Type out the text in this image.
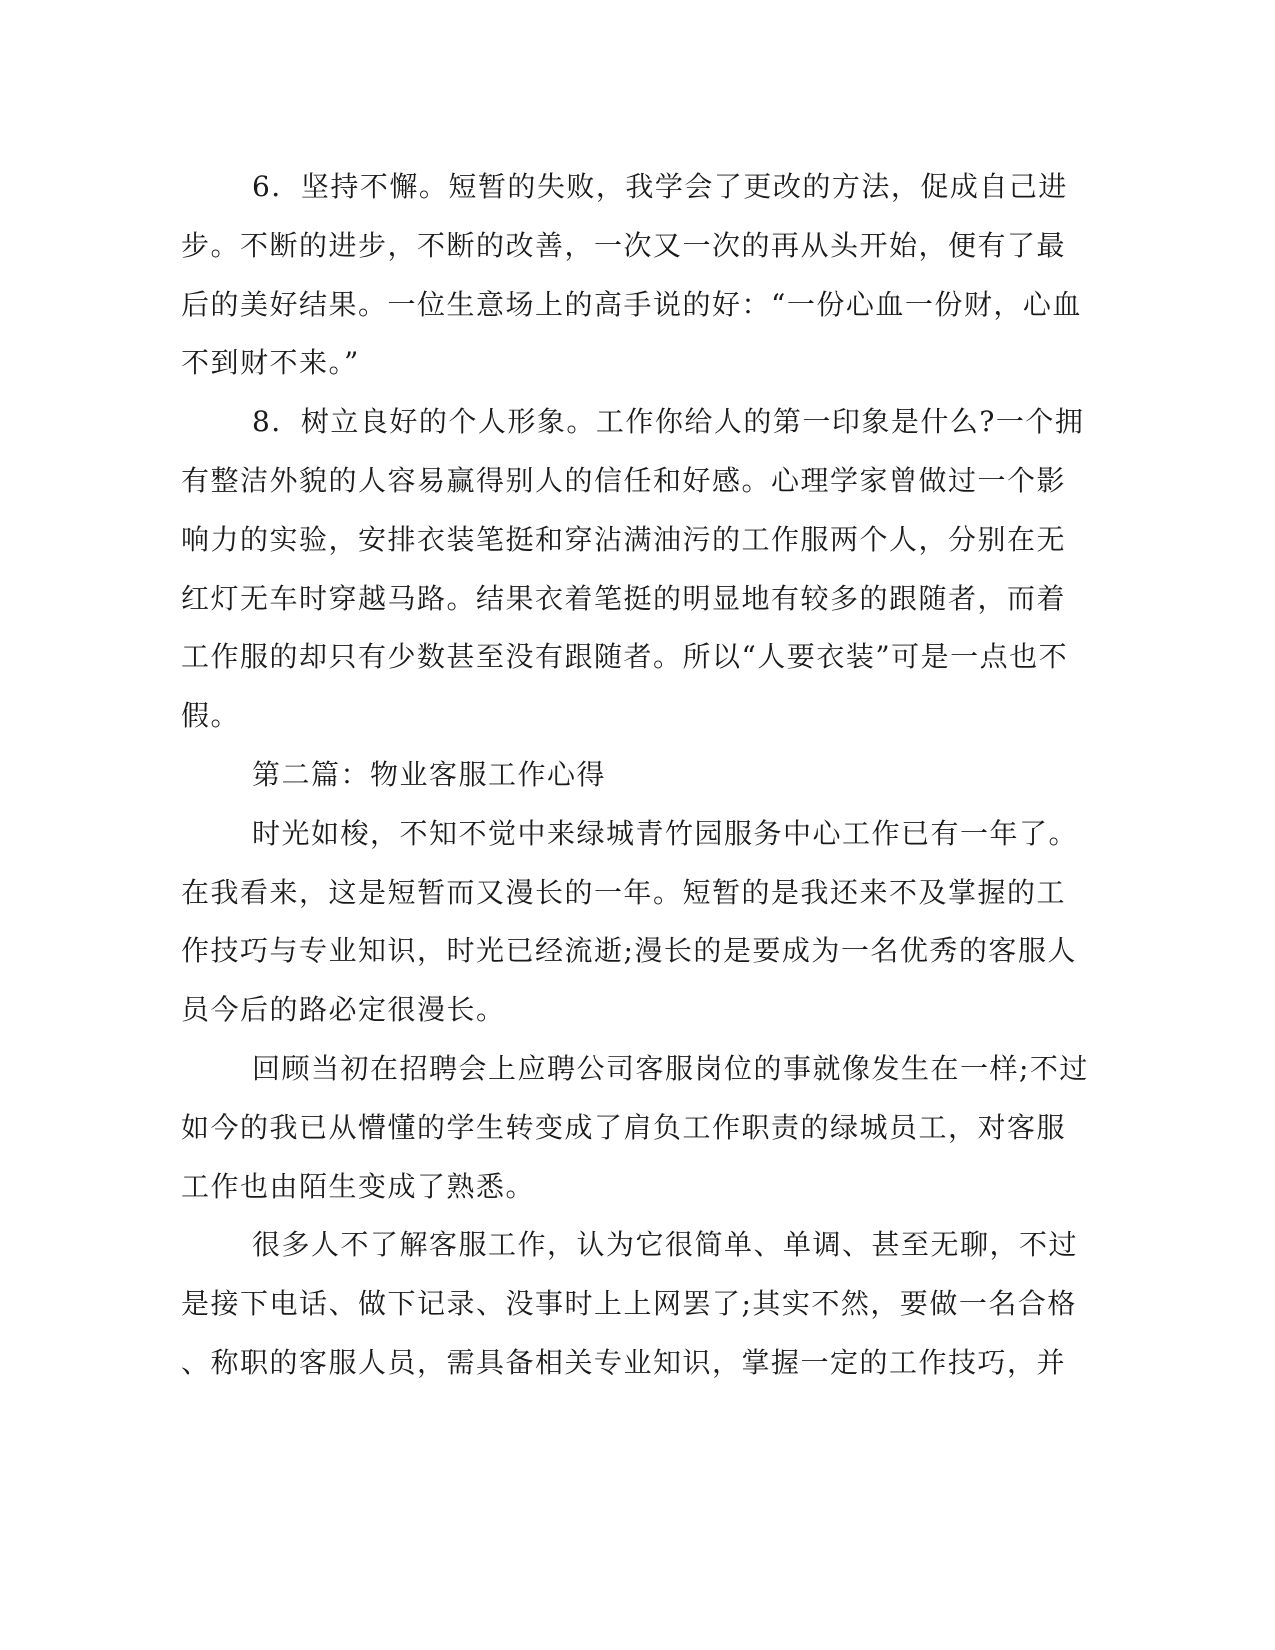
6．坚持不懈。短暂的失败，我学会了更改的方法，促成自己进
步。不断的进步，不断的改善，一次又一次的再从头开始，便有了最
后的美好结果。一位生意场上的高手说的好：“一份心血一份财，心血
不到财不来。”
8．树立良好的个人形象。工作你给人的第一印象是什么?一个拥
有整洁外貌的人容易赢得别人的信任和好感。心理学家曾做过一个影
响力的实验，安排衣装笔挺和穿沾满油污的工作服两个人，分别在无
红灯无车时穿越马路。结果衣着笔挺的明显地有较多的跟随者，而着
工作服的却只有少数甚至没有跟随者。所以“人要衣装”可是一点也不
假。
第二篇：物业客服工作心得
时光如梭，不知不觉中来绿城青竹园服务中心工作已有一年了。
在我看来，这是短暂而又漫长的一年。短暂的是我还来不及掌握的工
作技巧与专业知识，时光已经流逝;漫长的是要成为一名优秀的客服人
员今后的路必定很漫长。
回顾当初在招聘会上应聘公司客服岗位的事就像发生在一样;不过
如今的我已从懵懂的学生转变成了肩负工作职责的绿城员工，对客服
工作也由陌生变成了熟悉。
很多人不了解客服工作，认为它很简单、单调、甚至无聊，不过
是接下电话、做下记录、没事时上上网罢了;其实不然，要做一名合格
、称职的客服人员，需具备相关专业知识，掌握一定的工作技巧，并
